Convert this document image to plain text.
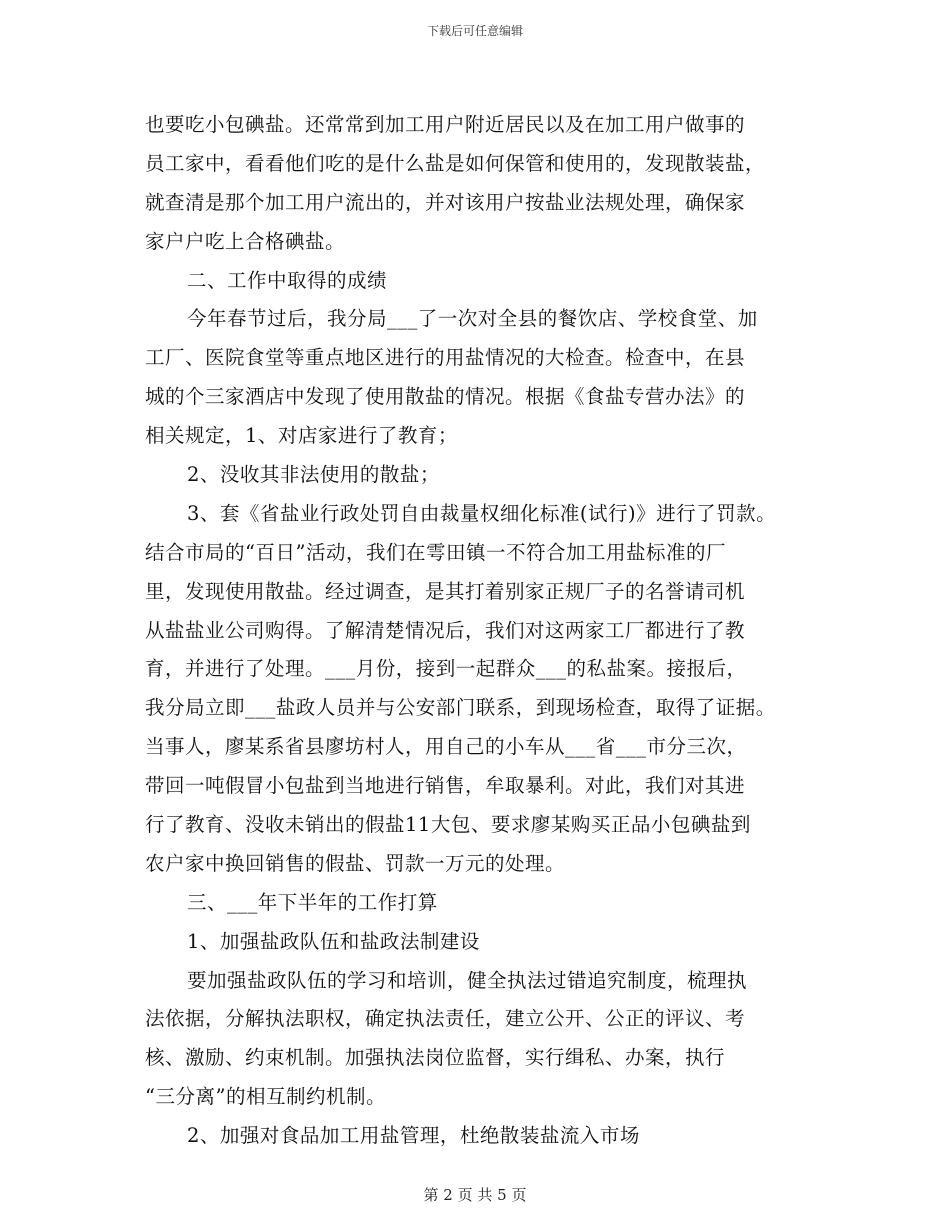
下载后可任意编辑
也要吃小包碘盐。还常常到加工用户附近居民以及在加工用户做事的
员工家中，看看他们吃的是什么盐是如何保管和使用的，发现散装盐，
就查清是那个加工用户流出的，并对该用户按盐业法规处理，确保家
家户户吃上合格碘盐。
二、工作中取得的成绩
今年春节过后，我分局___了一次对全县的餐饮店、学校食堂、加
工厂、医院食堂等重点地区进行的用盐情况的大检查。检查中，在县
城的个三家酒店中发现了使用散盐的情况。根据《食盐专营办法》的
相关规定，1、对店家进行了教育；
2、没收其非法使用的散盐；
3、套《省盐业行政处罚自由裁量权细化标准(试行)》进行了罚款。
结合市局的“百日”活动，我们在雩田镇一不符合加工用盐标准的厂
里，发现使用散盐。经过调查，是其打着别家正规厂子的名誉请司机
从盐盐业公司购得。了解清楚情况后，我们对这两家工厂都进行了教
育，并进行了处理。___月份，接到一起群众___的私盐案。接报后，
我分局立即___盐政人员并与公安部门联系，到现场检查，取得了证据。
当事人，廖某系省县廖坊村人，用自己的小车从___省___市分三次，
带回一吨假冒小包盐到当地进行销售，牟取暴利。对此，我们对其进
行了教育、没收未销出的假盐11大包、要求廖某购买正品小包碘盐到
农户家中换回销售的假盐、罚款一万元的处理。
三、___年下半年的工作打算
1、加强盐政队伍和盐政法制建设
要加强盐政队伍的学习和培训，健全执法过错追究制度，梳理执
法依据，分解执法职权，确定执法责任，建立公开、公正的评议、考
核、激励、约束机制。加强执法岗位监督，实行缉私、办案，执行
“三分离”的相互制约机制。
2、加强对食品加工用盐管理，杜绝散装盐流入市场
第 2 页 共 5 页
